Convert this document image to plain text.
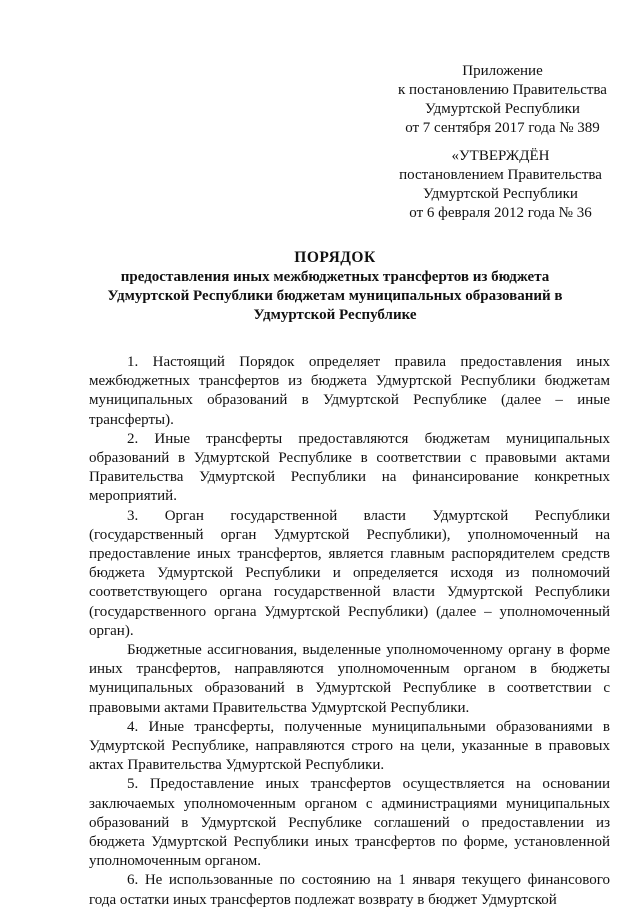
Приложение
к постановлению Правительства
Удмуртской Республики
от 7 сентября 2017 года № 389
«УТВЕРЖДЁН
постановлением Правительства
Удмуртской Республики
от 6 февраля 2012 года № 36
ПОРЯДОК
предоставления иных межбюджетных трансфертов из бюджета
Удмуртской Республики бюджетам муниципальных образований в
Удмуртской Республике

1. Настоящий Порядок определяет правила предоставления иных межбюджетных трансфертов из бюджета Удмуртской Республики бюджетам муниципальных образований в Удмуртской Республике (далее – иные трансферты).

2. Иные трансферты предоставляются бюджетам муниципальных образований в Удмуртской Республике в соответствии с правовыми актами Правительства Удмуртской Республики на финансирование конкретных мероприятий.

3. Орган государственной власти Удмуртской Республики (государственный орган Удмуртской Республики), уполномоченный на предоставление иных трансфертов, является главным распорядителем средств бюджета Удмуртской Республики и определяется исходя из полномочий соответствующего органа государственной власти Удмуртской Республики (государственного органа Удмуртской Республики) (далее – уполномоченный орган).

Бюджетные ассигнования, выделенные уполномоченному органу в форме иных трансфертов, направляются уполномоченным органом в бюджеты муниципальных образований в Удмуртской Республике в соответствии с правовыми актами Правительства Удмуртской Республики.

4. Иные трансферты, полученные муниципальными образованиями в Удмуртской Республике, направляются строго на цели, указанные в правовых актах Правительства Удмуртской Республики.

5. Предоставление иных трансфертов осуществляется на основании заключаемых уполномоченным органом с администрациями муниципальных образований в Удмуртской Республике соглашений о предоставлении из бюджета Удмуртской Республики иных трансфертов по форме, установленной уполномоченным органом.

6. Не использованные по состоянию на 1 января текущего финансового года остатки иных трансфертов подлежат возврату в бюджет Удмуртской
